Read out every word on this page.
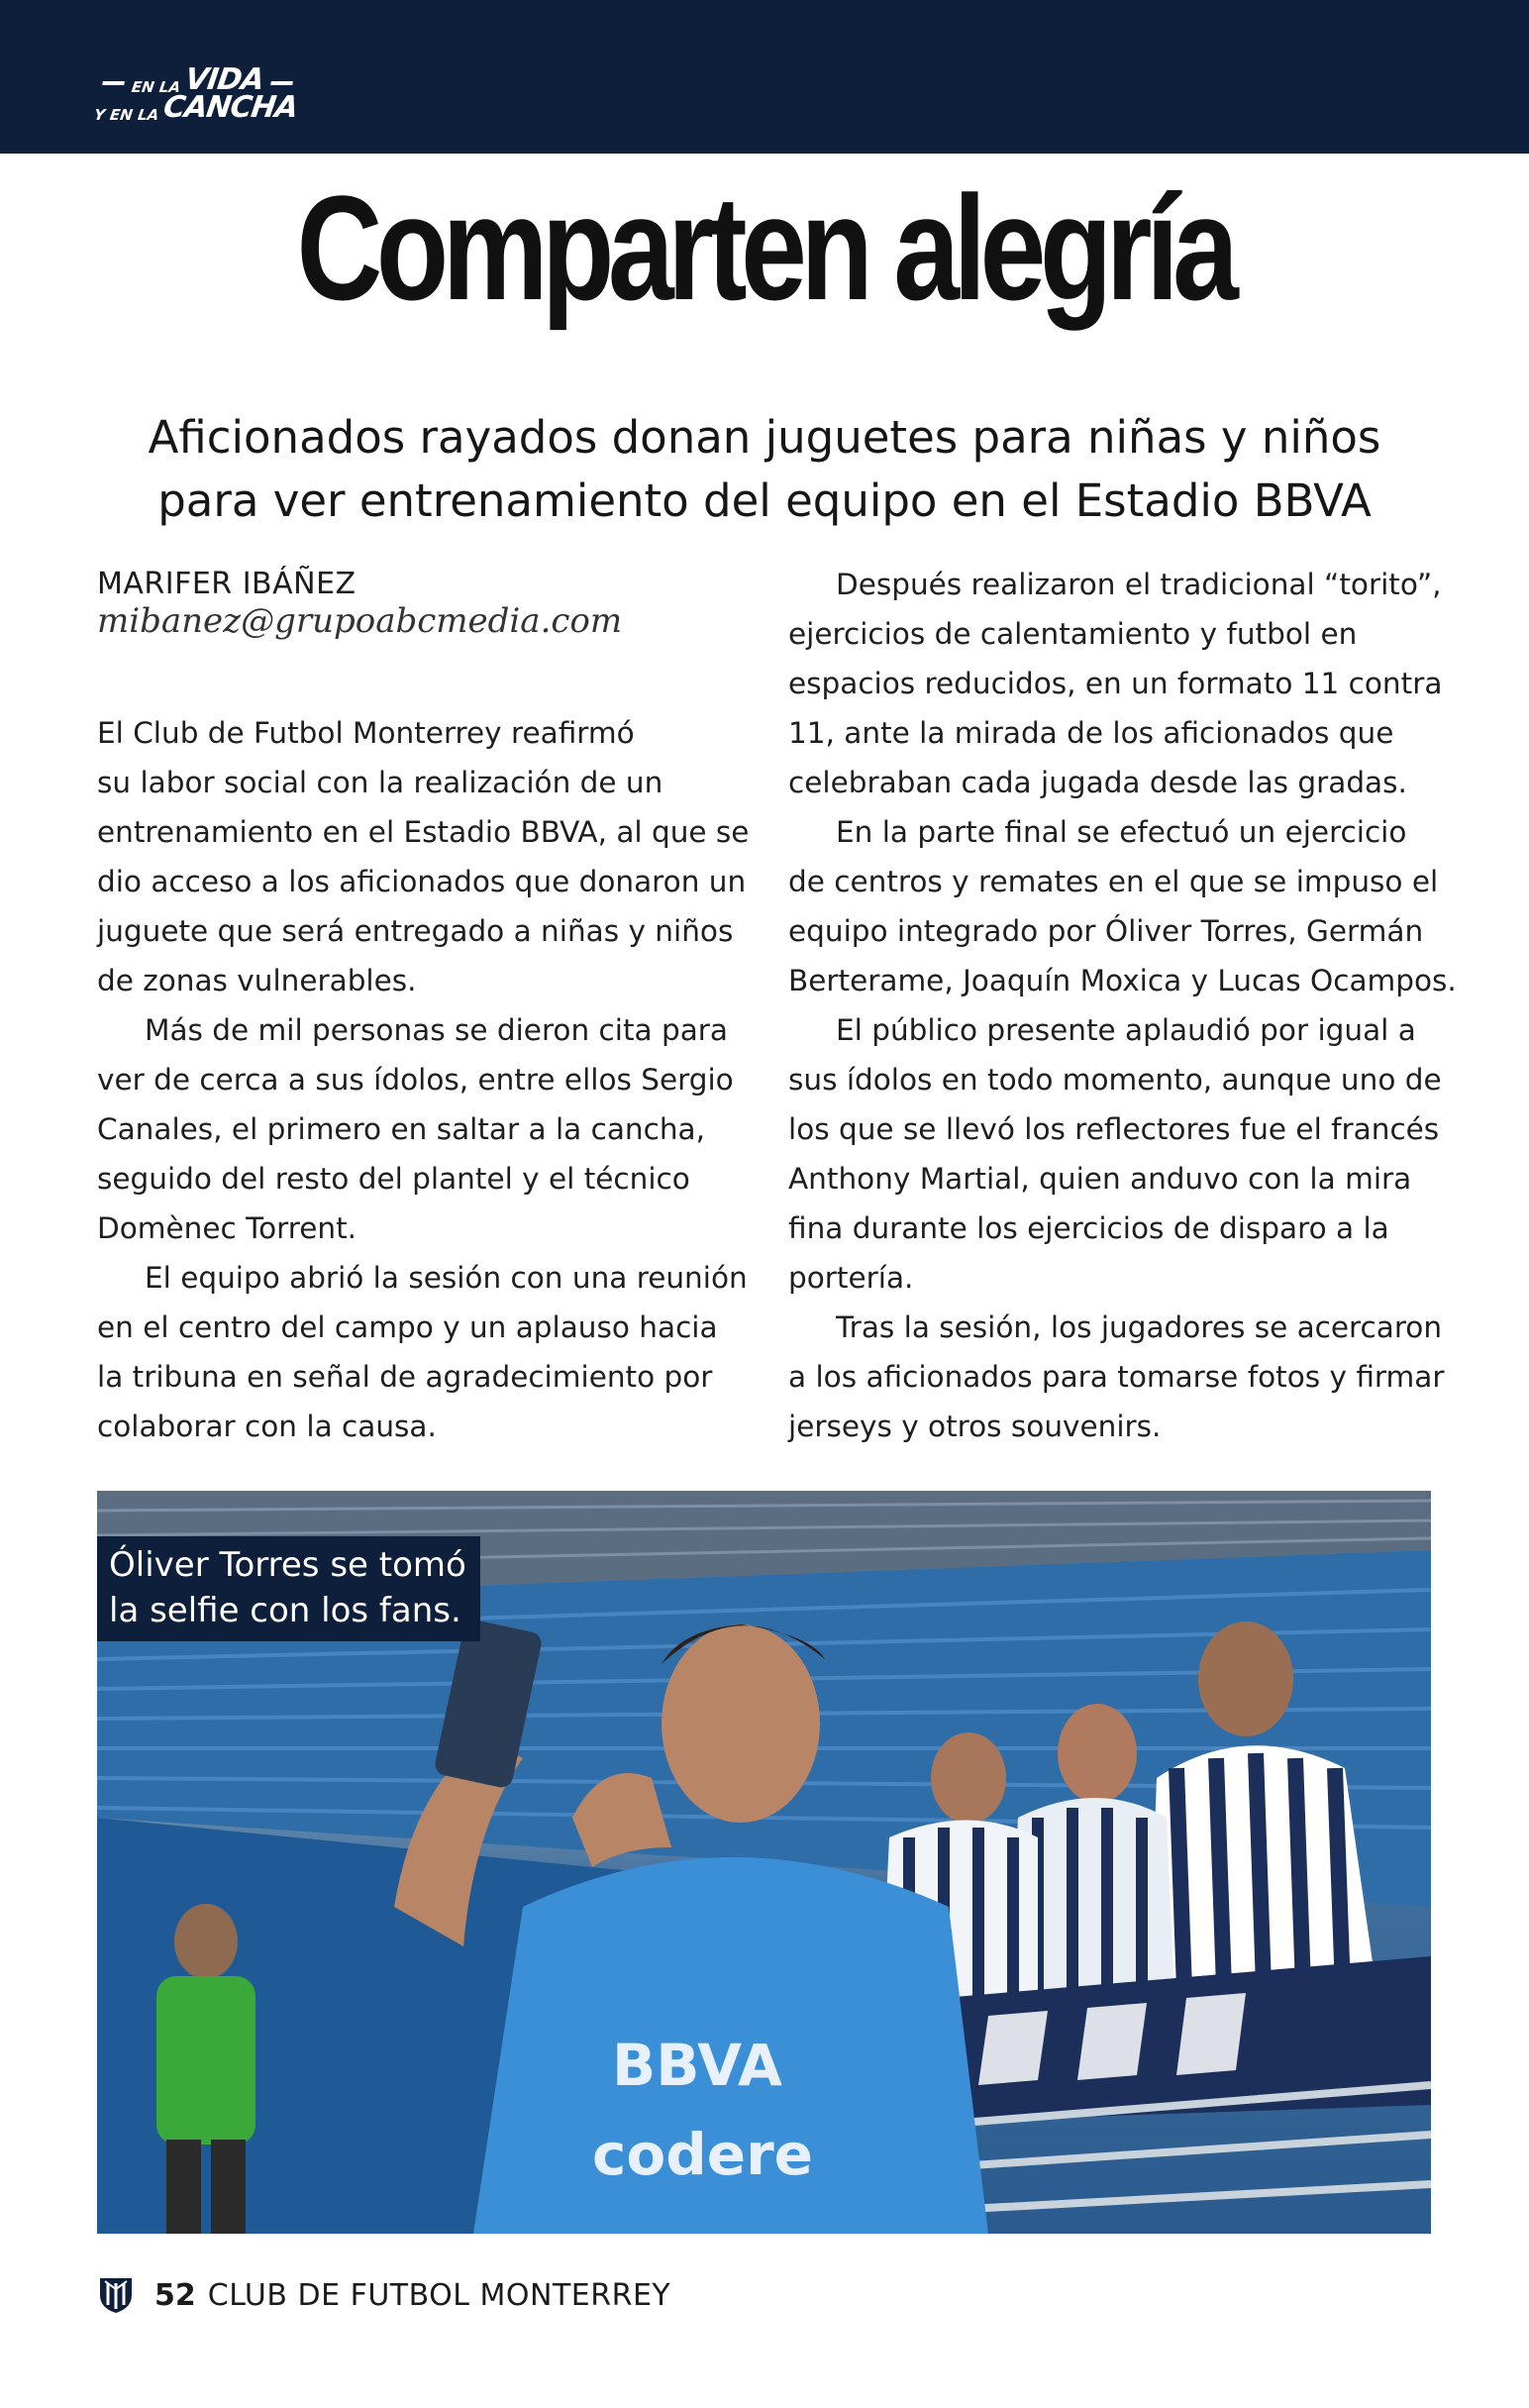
EN LA VIDA
Y EN LA CANCHA
Comparten alegría
Aficionados rayados donan juguetes para niñas y niños
para ver entrenamiento del equipo en el Estadio BBVA
MARIFER IBÁÑEZ
mibanez@grupoabcmedia.com
El Club de Futbol Monterrey reafirmó
su labor social con la realización de un
entrenamiento en el Estadio BBVA, al que se
dio acceso a los aficionados que donaron un
juguete que será entregado a niñas y niños
de zonas vulnerables.
Más de mil personas se dieron cita para
ver de cerca a sus ídolos, entre ellos Sergio
Canales, el primero en saltar a la cancha,
seguido del resto del plantel y el técnico
Domènec Torrent.
El equipo abrió la sesión con una reunión
en el centro del campo y un aplauso hacia
la tribuna en señal de agradecimiento por
colaborar con la causa.
Después realizaron el tradicional “torito”,
ejercicios de calentamiento y futbol en
espacios reducidos, en un formato 11 contra
11, ante la mirada de los aficionados que
celebraban cada jugada desde las gradas.
En la parte final se efectuó un ejercicio
de centros y remates en el que se impuso el
equipo integrado por Óliver Torres, Germán
Berterame, Joaquín Moxica y Lucas Ocampos.
El público presente aplaudió por igual a
sus ídolos en todo momento, aunque uno de
los que se llevó los reflectores fue el francés
Anthony Martial, quien anduvo con la mira
fina durante los ejercicios de disparo a la
portería.
Tras la sesión, los jugadores se acercaron
a los aficionados para tomarse fotos y firmar
jerseys y otros souvenirs.
BBVA
codere
Óliver Torres se tomó
la selfie con los fans.
52 CLUB DE FUTBOL MONTERREY
